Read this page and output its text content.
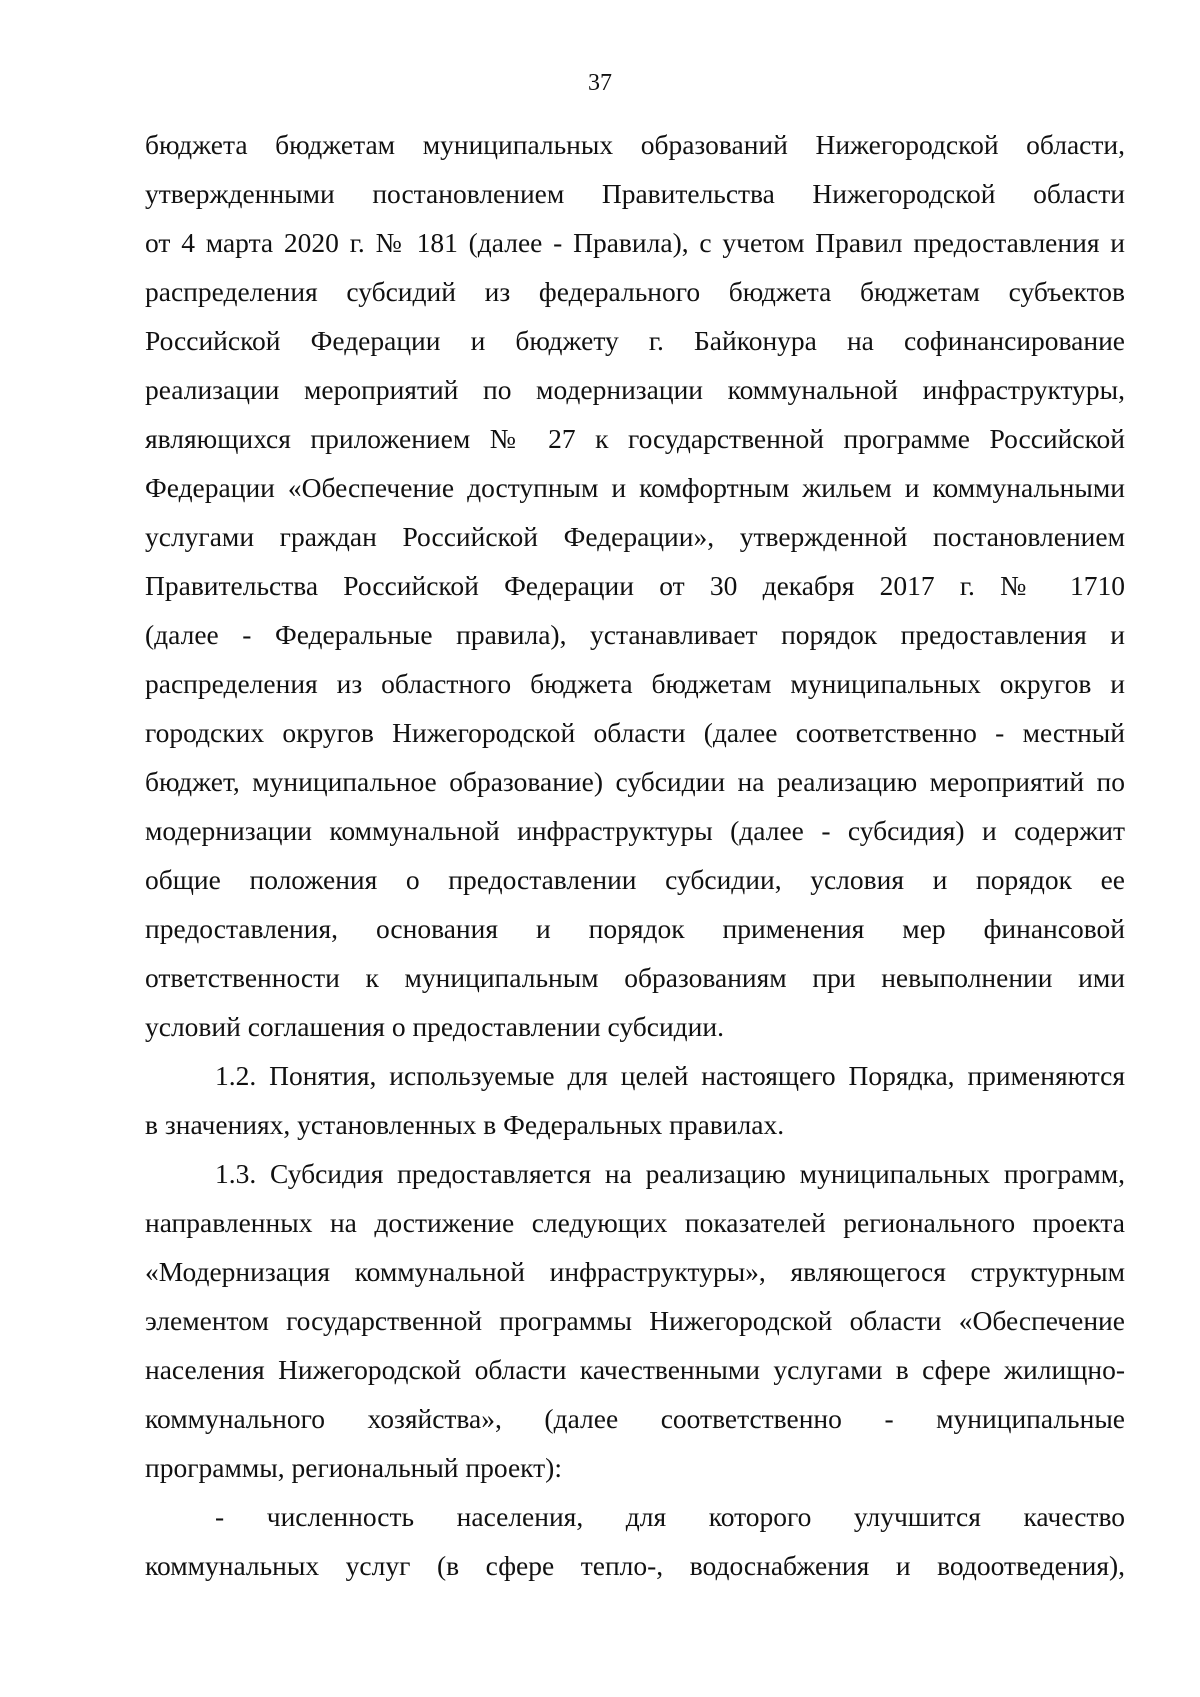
37
бюджета бюджетам муниципальных образований Нижегородской области,
утвержденными постановлением Правительства Нижегородской области
от 4 марта 2020 г. № 181 (далее - Правила), с учетом Правил предоставления и
распределения субсидий из федерального бюджета бюджетам субъектов
Российской Федерации и бюджету г. Байконура на софинансирование
реализации мероприятий по модернизации коммунальной инфраструктуры,
являющихся приложением № 27 к государственной программе Российской
Федерации «Обеспечение доступным и комфортным жильем и коммунальными
услугами граждан Российской Федерации», утвержденной постановлением
Правительства Российской Федерации от 30 декабря 2017 г. № 1710
(далее - Федеральные правила), устанавливает порядок предоставления и
распределения из областного бюджета бюджетам муниципальных округов и
городских округов Нижегородской области (далее соответственно - местный
бюджет, муниципальное образование) субсидии на реализацию мероприятий по
модернизации коммунальной инфраструктуры (далее - субсидия) и содержит
общие положения о предоставлении субсидии, условия и порядок ее
предоставления, основания и порядок применения мер финансовой
ответственности к муниципальным образованиям при невыполнении ими
условий соглашения о предоставлении субсидии.
1.2. Понятия, используемые для целей настоящего Порядка, применяются
в значениях, установленных в Федеральных правилах.
1.3. Субсидия предоставляется на реализацию муниципальных программ,
направленных на достижение следующих показателей регионального проекта
«Модернизация коммунальной инфраструктуры», являющегося структурным
элементом государственной программы Нижегородской области «Обеспечение
населения Нижегородской области качественными услугами в сфере жилищно-
коммунального хозяйства», (далее соответственно - муниципальные
программы, региональный проект):
- численность населения, для которого улучшится качество
коммунальных услуг (в сфере тепло-, водоснабжения и водоотведения),
